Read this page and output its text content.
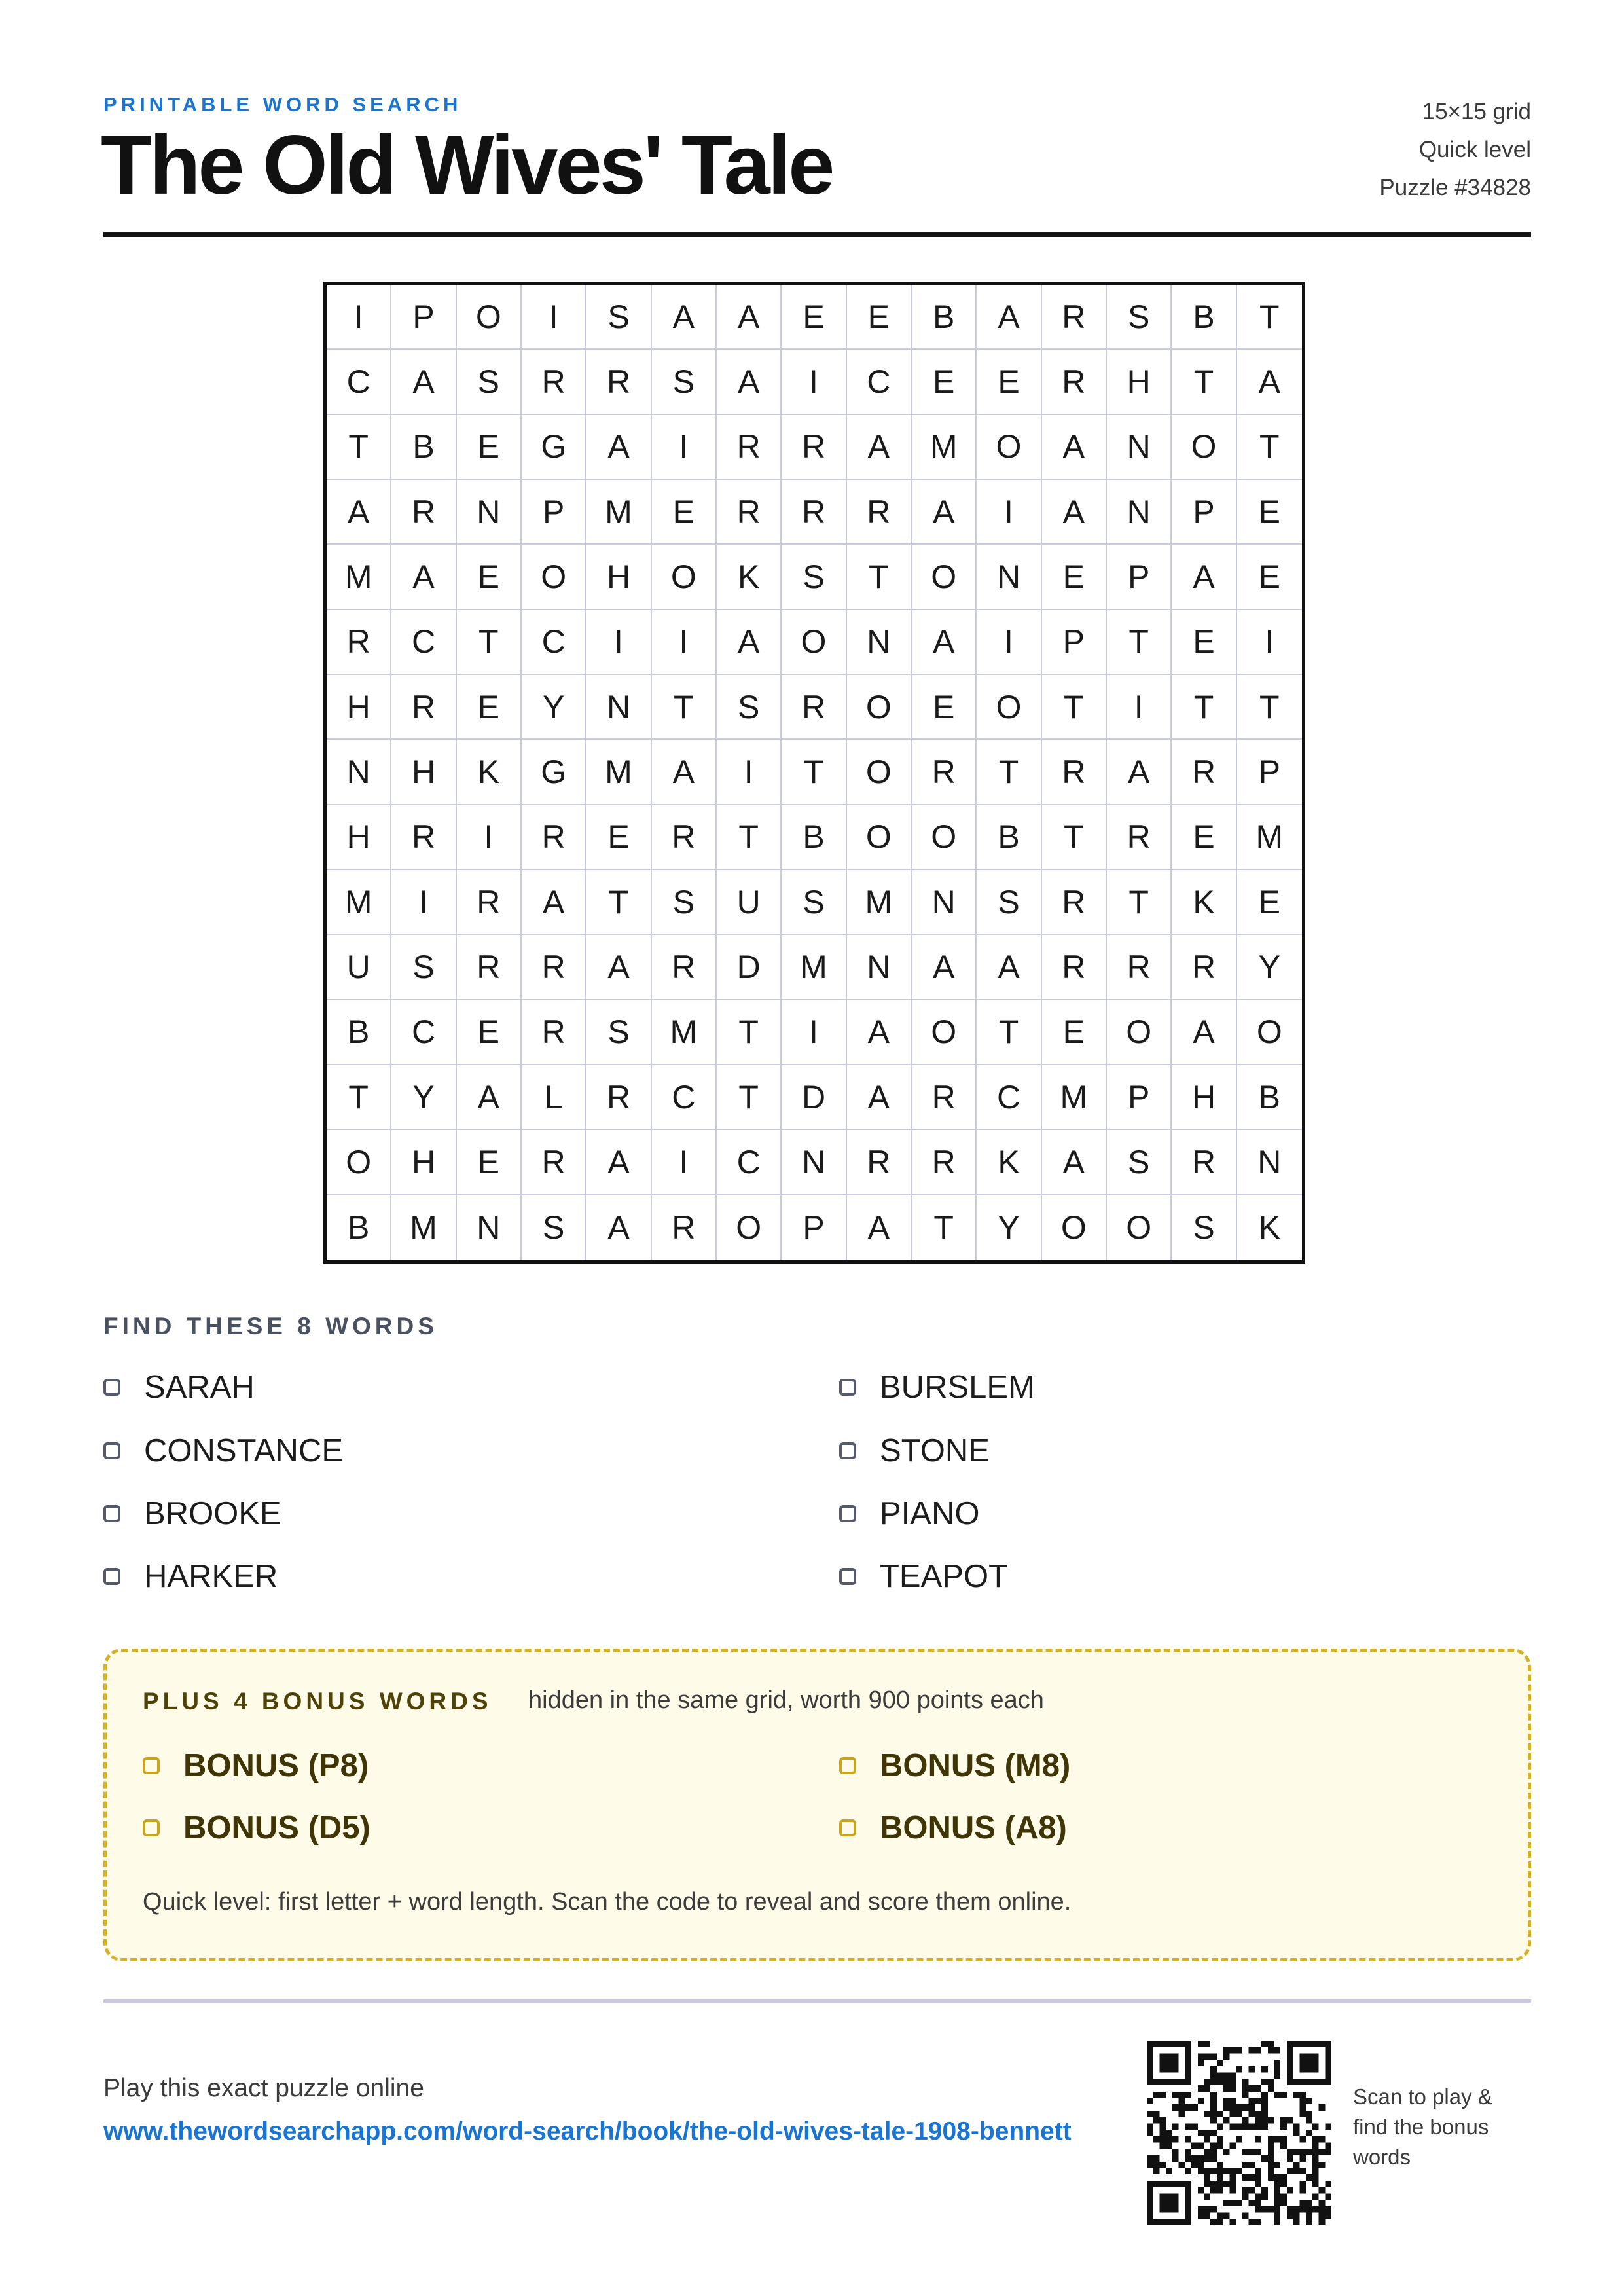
PRINTABLE WORD SEARCH
The Old Wives' Tale
15×15 grid
Quick level
Puzzle #34828
I	P	O	I	S	A	A	E	E	B	A	R	S	B	T
C	A	S	R	R	S	A	I	C	E	E	R	H	T	A
T	B	E	G	A	I	R	R	A	M	O	A	N	O	T
A	R	N	P	M	E	R	R	R	A	I	A	N	P	E
M	A	E	O	H	O	K	S	T	O	N	E	P	A	E
R	C	T	C	I	I	A	O	N	A	I	P	T	E	I
H	R	E	Y	N	T	S	R	O	E	O	T	I	T	T
N	H	K	G	M	A	I	T	O	R	T	R	A	R	P
H	R	I	R	E	R	T	B	O	O	B	T	R	E	M
M	I	R	A	T	S	U	S	M	N	S	R	T	K	E
U	S	R	R	A	R	D	M	N	A	A	R	R	R	Y
B	C	E	R	S	M	T	I	A	O	T	E	O	A	O
T	Y	A	L	R	C	T	D	A	R	C	M	P	H	B
O	H	E	R	A	I	C	N	R	R	K	A	S	R	N
B	M	N	S	A	R	O	P	A	T	Y	O	O	S	K
FIND THESE 8 WORDS
SARAH	BURSLEM
CONSTANCE	STONE
BROOKE	PIANO
HARKER	TEAPOT
PLUS 4 BONUS WORDS hidden in the same grid, worth 900 points each
BONUS (P8)	BONUS (M8)
BONUS (D5)	BONUS (A8)
Quick level: first letter + word length. Scan the code to reveal and score them online.
Play this exact puzzle online
www.thewordsearchapp.com/word-search/book/the-old-wives-tale-1908-bennett
Scan to play & find the bonus words
